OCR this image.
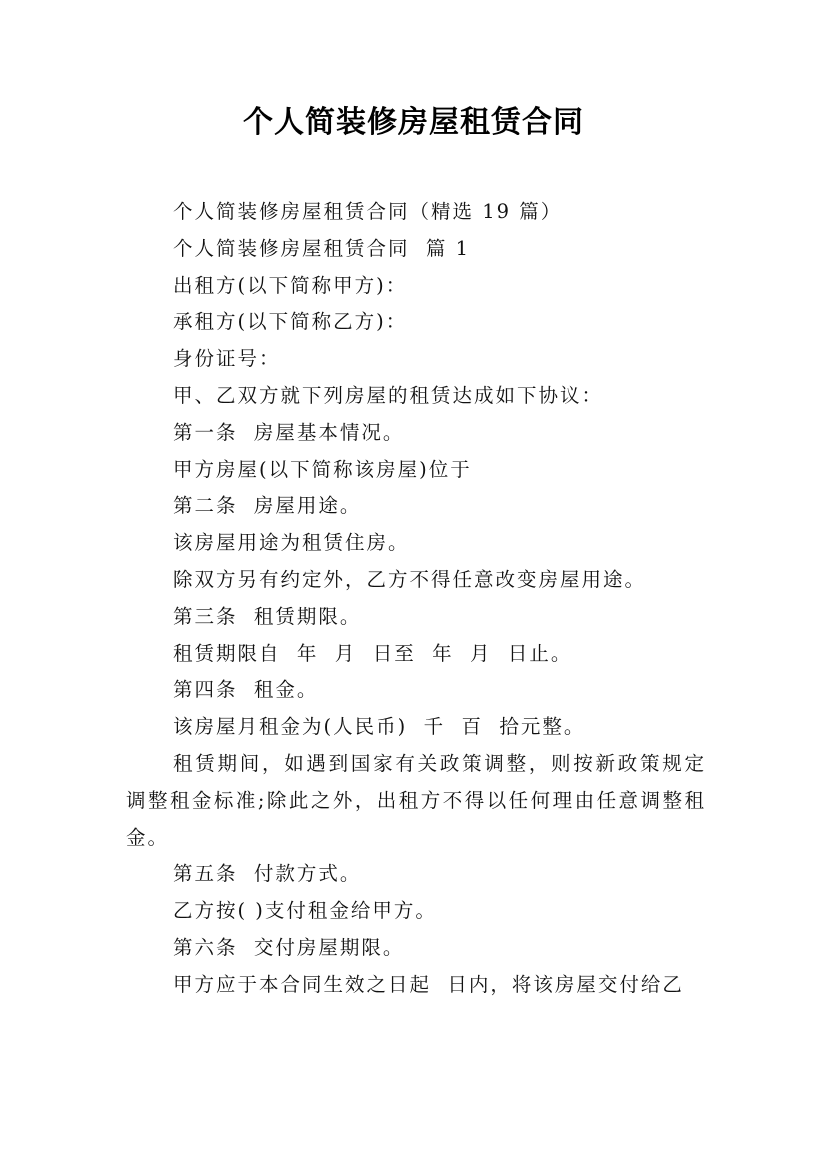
个人简装修房屋租赁合同

个人简装修房屋租赁合同（精选 19 篇）

个人简装修房屋租赁合同  篇 1

出租方(以下简称甲方)：

承租方(以下简称乙方)：

身份证号：

甲、乙双方就下列房屋的租赁达成如下协议：

第一条  房屋基本情况。

甲方房屋(以下简称该房屋)位于

第二条  房屋用途。

该房屋用途为租赁住房。

除双方另有约定外，乙方不得任意改变房屋用途。

第三条  租赁期限。

租赁期限自  年  月  日至  年  月  日止。

第四条  租金。

该房屋月租金为(人民币)  千  百  拾元整。

租赁期间，如遇到国家有关政策调整，则按新政策规定调整租金标准;除此之外，出租方不得以任何理由任意调整租金。

第五条  付款方式。

乙方按( )支付租金给甲方。

第六条  交付房屋期限。

甲方应于本合同生效之日起  日内，将该房屋交付给乙
